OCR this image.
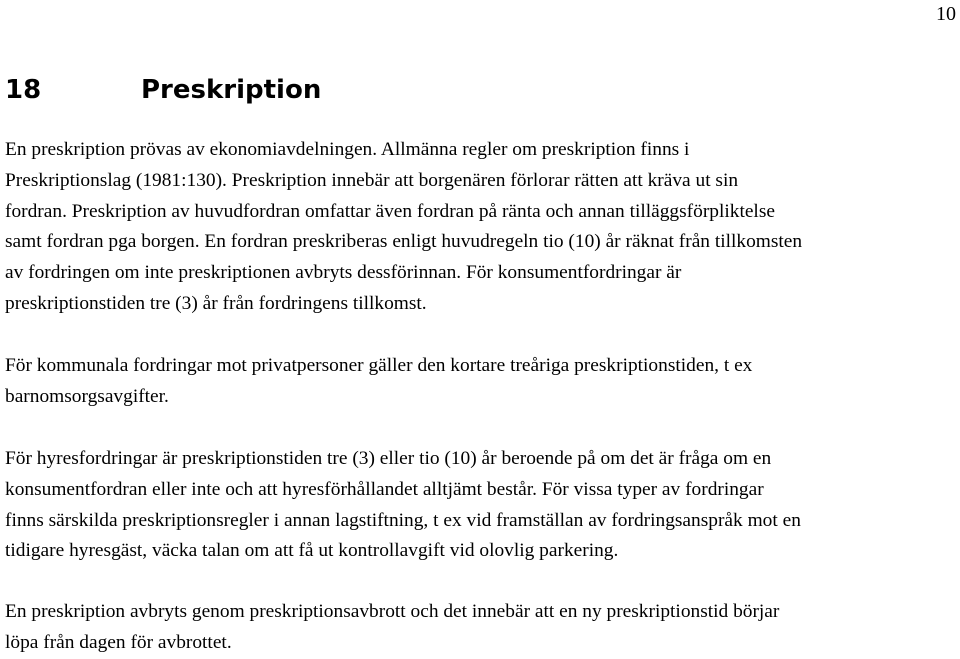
10
18	Preskription

En preskription prövas av ekonomiavdelningen. Allmänna regler om preskription finns i
Preskriptionslag (1981:130). Preskription innebär att borgenären förlorar rätten att kräva ut sin
fordran. Preskription av huvudfordran omfattar även fordran på ränta och annan tilläggsförpliktelse
samt fordran pga borgen. En fordran preskriberas enligt huvudregeln tio (10) år räknat från tillkomsten
av fordringen om inte preskriptionen avbryts dessförinnan. För konsumentfordringar är
preskriptionstiden tre (3) år från fordringens tillkomst.

För kommunala fordringar mot privatpersoner gäller den kortare treåriga preskriptionstiden, t ex
barnomsorgsavgifter.

För hyresfordringar är preskriptionstiden tre (3) eller tio (10) år beroende på om det är fråga om en
konsumentfordran eller inte och att hyresförhållandet alltjämt består. För vissa typer av fordringar
finns särskilda preskriptionsregler i annan lagstiftning, t ex vid framställan av fordringsanspråk mot en
tidigare hyresgäst, väcka talan om att få ut kontrollavgift vid olovlig parkering.

En preskription avbryts genom preskriptionsavbrott och det innebär att en ny preskriptionstid börjar
löpa från dagen för avbrottet.
